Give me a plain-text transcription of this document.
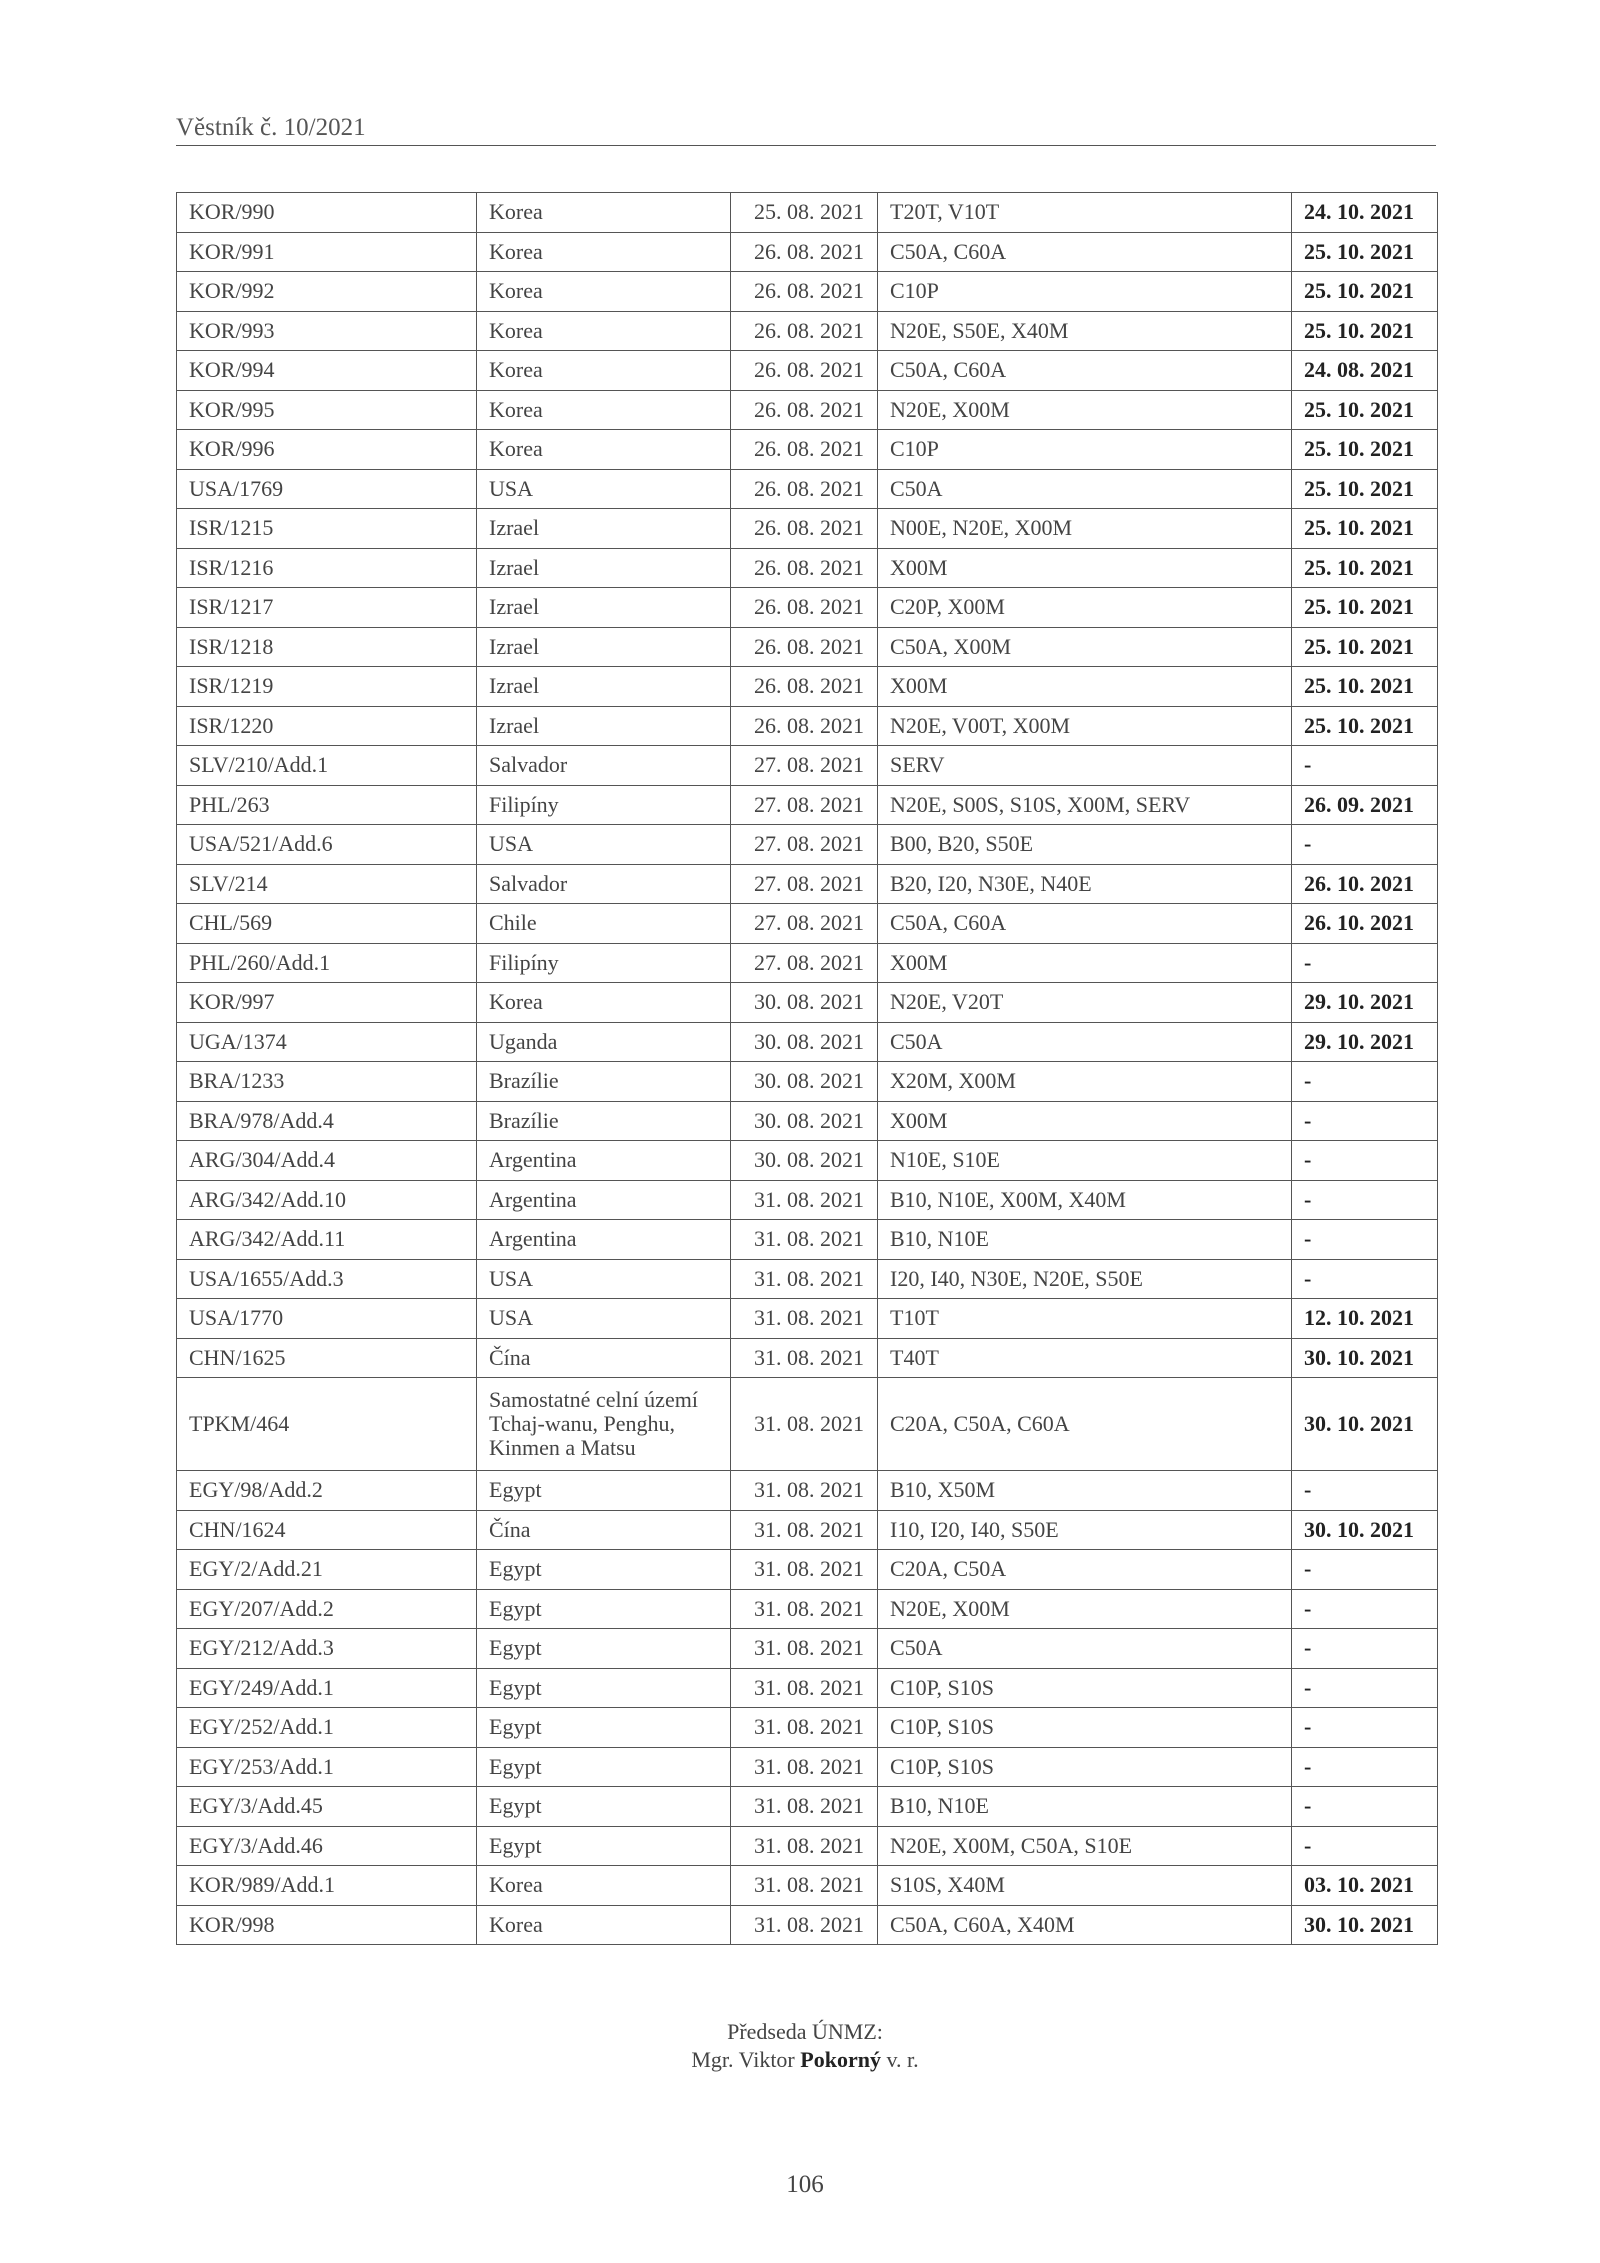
Věstník č. 10/2021
KOR/990	Korea	25. 08. 2021	T20T, V10T	24. 10. 2021
KOR/991	Korea	26. 08. 2021	C50A, C60A	25. 10. 2021
KOR/992	Korea	26. 08. 2021	C10P	25. 10. 2021
KOR/993	Korea	26. 08. 2021	N20E, S50E, X40M	25. 10. 2021
KOR/994	Korea	26. 08. 2021	C50A, C60A	24. 08. 2021
KOR/995	Korea	26. 08. 2021	N20E, X00M	25. 10. 2021
KOR/996	Korea	26. 08. 2021	C10P	25. 10. 2021
USA/1769	USA	26. 08. 2021	C50A	25. 10. 2021
ISR/1215	Izrael	26. 08. 2021	N00E, N20E, X00M	25. 10. 2021
ISR/1216	Izrael	26. 08. 2021	X00M	25. 10. 2021
ISR/1217	Izrael	26. 08. 2021	C20P, X00M	25. 10. 2021
ISR/1218	Izrael	26. 08. 2021	C50A, X00M	25. 10. 2021
ISR/1219	Izrael	26. 08. 2021	X00M	25. 10. 2021
ISR/1220	Izrael	26. 08. 2021	N20E, V00T, X00M	25. 10. 2021
SLV/210/Add.1	Salvador	27. 08. 2021	SERV	-
PHL/263	Filipíny	27. 08. 2021	N20E, S00S, S10S, X00M, SERV	26. 09. 2021
USA/521/Add.6	USA	27. 08. 2021	B00, B20, S50E	-
SLV/214	Salvador	27. 08. 2021	B20, I20, N30E, N40E	26. 10. 2021
CHL/569	Chile	27. 08. 2021	C50A, C60A	26. 10. 2021
PHL/260/Add.1	Filipíny	27. 08. 2021	X00M	-
KOR/997	Korea	30. 08. 2021	N20E, V20T	29. 10. 2021
UGA/1374	Uganda	30. 08. 2021	C50A	29. 10. 2021
BRA/1233	Brazílie	30. 08. 2021	X20M, X00M	-
BRA/978/Add.4	Brazílie	30. 08. 2021	X00M	-
ARG/304/Add.4	Argentina	30. 08. 2021	N10E, S10E	-
ARG/342/Add.10	Argentina	31. 08. 2021	B10, N10E, X00M, X40M	-
ARG/342/Add.11	Argentina	31. 08. 2021	B10, N10E	-
USA/1655/Add.3	USA	31. 08. 2021	I20, I40, N30E, N20E, S50E	-
USA/1770	USA	31. 08. 2021	T10T	12. 10. 2021
CHN/1625	Čína	31. 08. 2021	T40T	30. 10. 2021
TPKM/464	Samostatné celní území Tchaj-wanu, Penghu, Kinmen a Matsu	31. 08. 2021	C20A, C50A, C60A	30. 10. 2021
EGY/98/Add.2	Egypt	31. 08. 2021	B10, X50M	-
CHN/1624	Čína	31. 08. 2021	I10, I20, I40, S50E	30. 10. 2021
EGY/2/Add.21	Egypt	31. 08. 2021	C20A, C50A	-
EGY/207/Add.2	Egypt	31. 08. 2021	N20E, X00M	-
EGY/212/Add.3	Egypt	31. 08. 2021	C50A	-
EGY/249/Add.1	Egypt	31. 08. 2021	C10P, S10S	-
EGY/252/Add.1	Egypt	31. 08. 2021	C10P, S10S	-
EGY/253/Add.1	Egypt	31. 08. 2021	C10P, S10S	-
EGY/3/Add.45	Egypt	31. 08. 2021	B10, N10E	-
EGY/3/Add.46	Egypt	31. 08. 2021	N20E, X00M, C50A, S10E	-
KOR/989/Add.1	Korea	31. 08. 2021	S10S, X40M	03. 10. 2021
KOR/998	Korea	31. 08. 2021	C50A, C60A, X40M	30. 10. 2021
Předseda ÚNMZ:
Mgr. Viktor Pokorný v. r.
106
